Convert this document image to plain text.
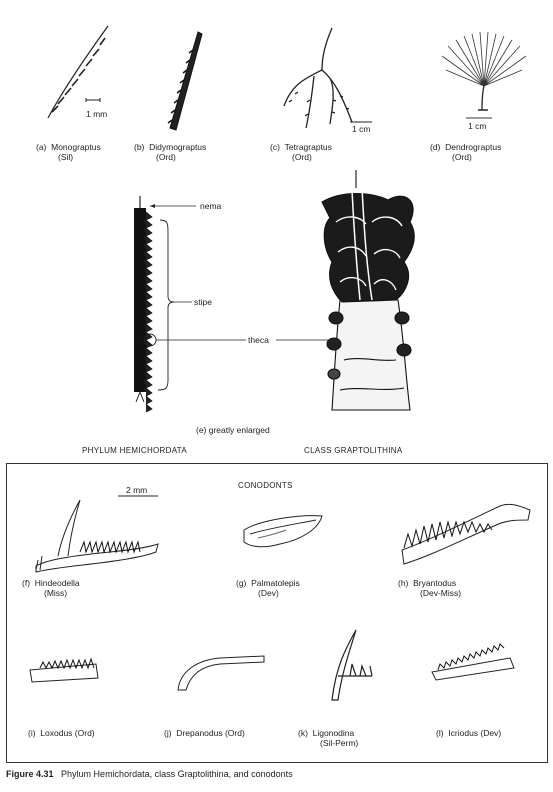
(a) Monograptus
(Sil)
(b) Didymograptus
(Ord)
(c) Tetragraptus
(Ord)
(d) Dendrograptus
(Ord)
1 mm
1 cm	1 cm
nema
stipe
theca
(e) greatly enlarged
PHYLUM HEMICHORDATA	CLASS GRAPTOLITHINA
CONODONTS
2 mm
(f) Hindeodella
(Miss)
(g) Palmatolepis
(Dev)
(h) Bryantodus
(Dev-Miss)
(i) Loxodus (Ord)	(j) Drepanodus (Ord)	(k) Ligonodina
(Sil-Perm)
(l) Icriodus (Dev)
Figure 4.31 Phylum Hemichordata, class Graptolithina, and conodonts
